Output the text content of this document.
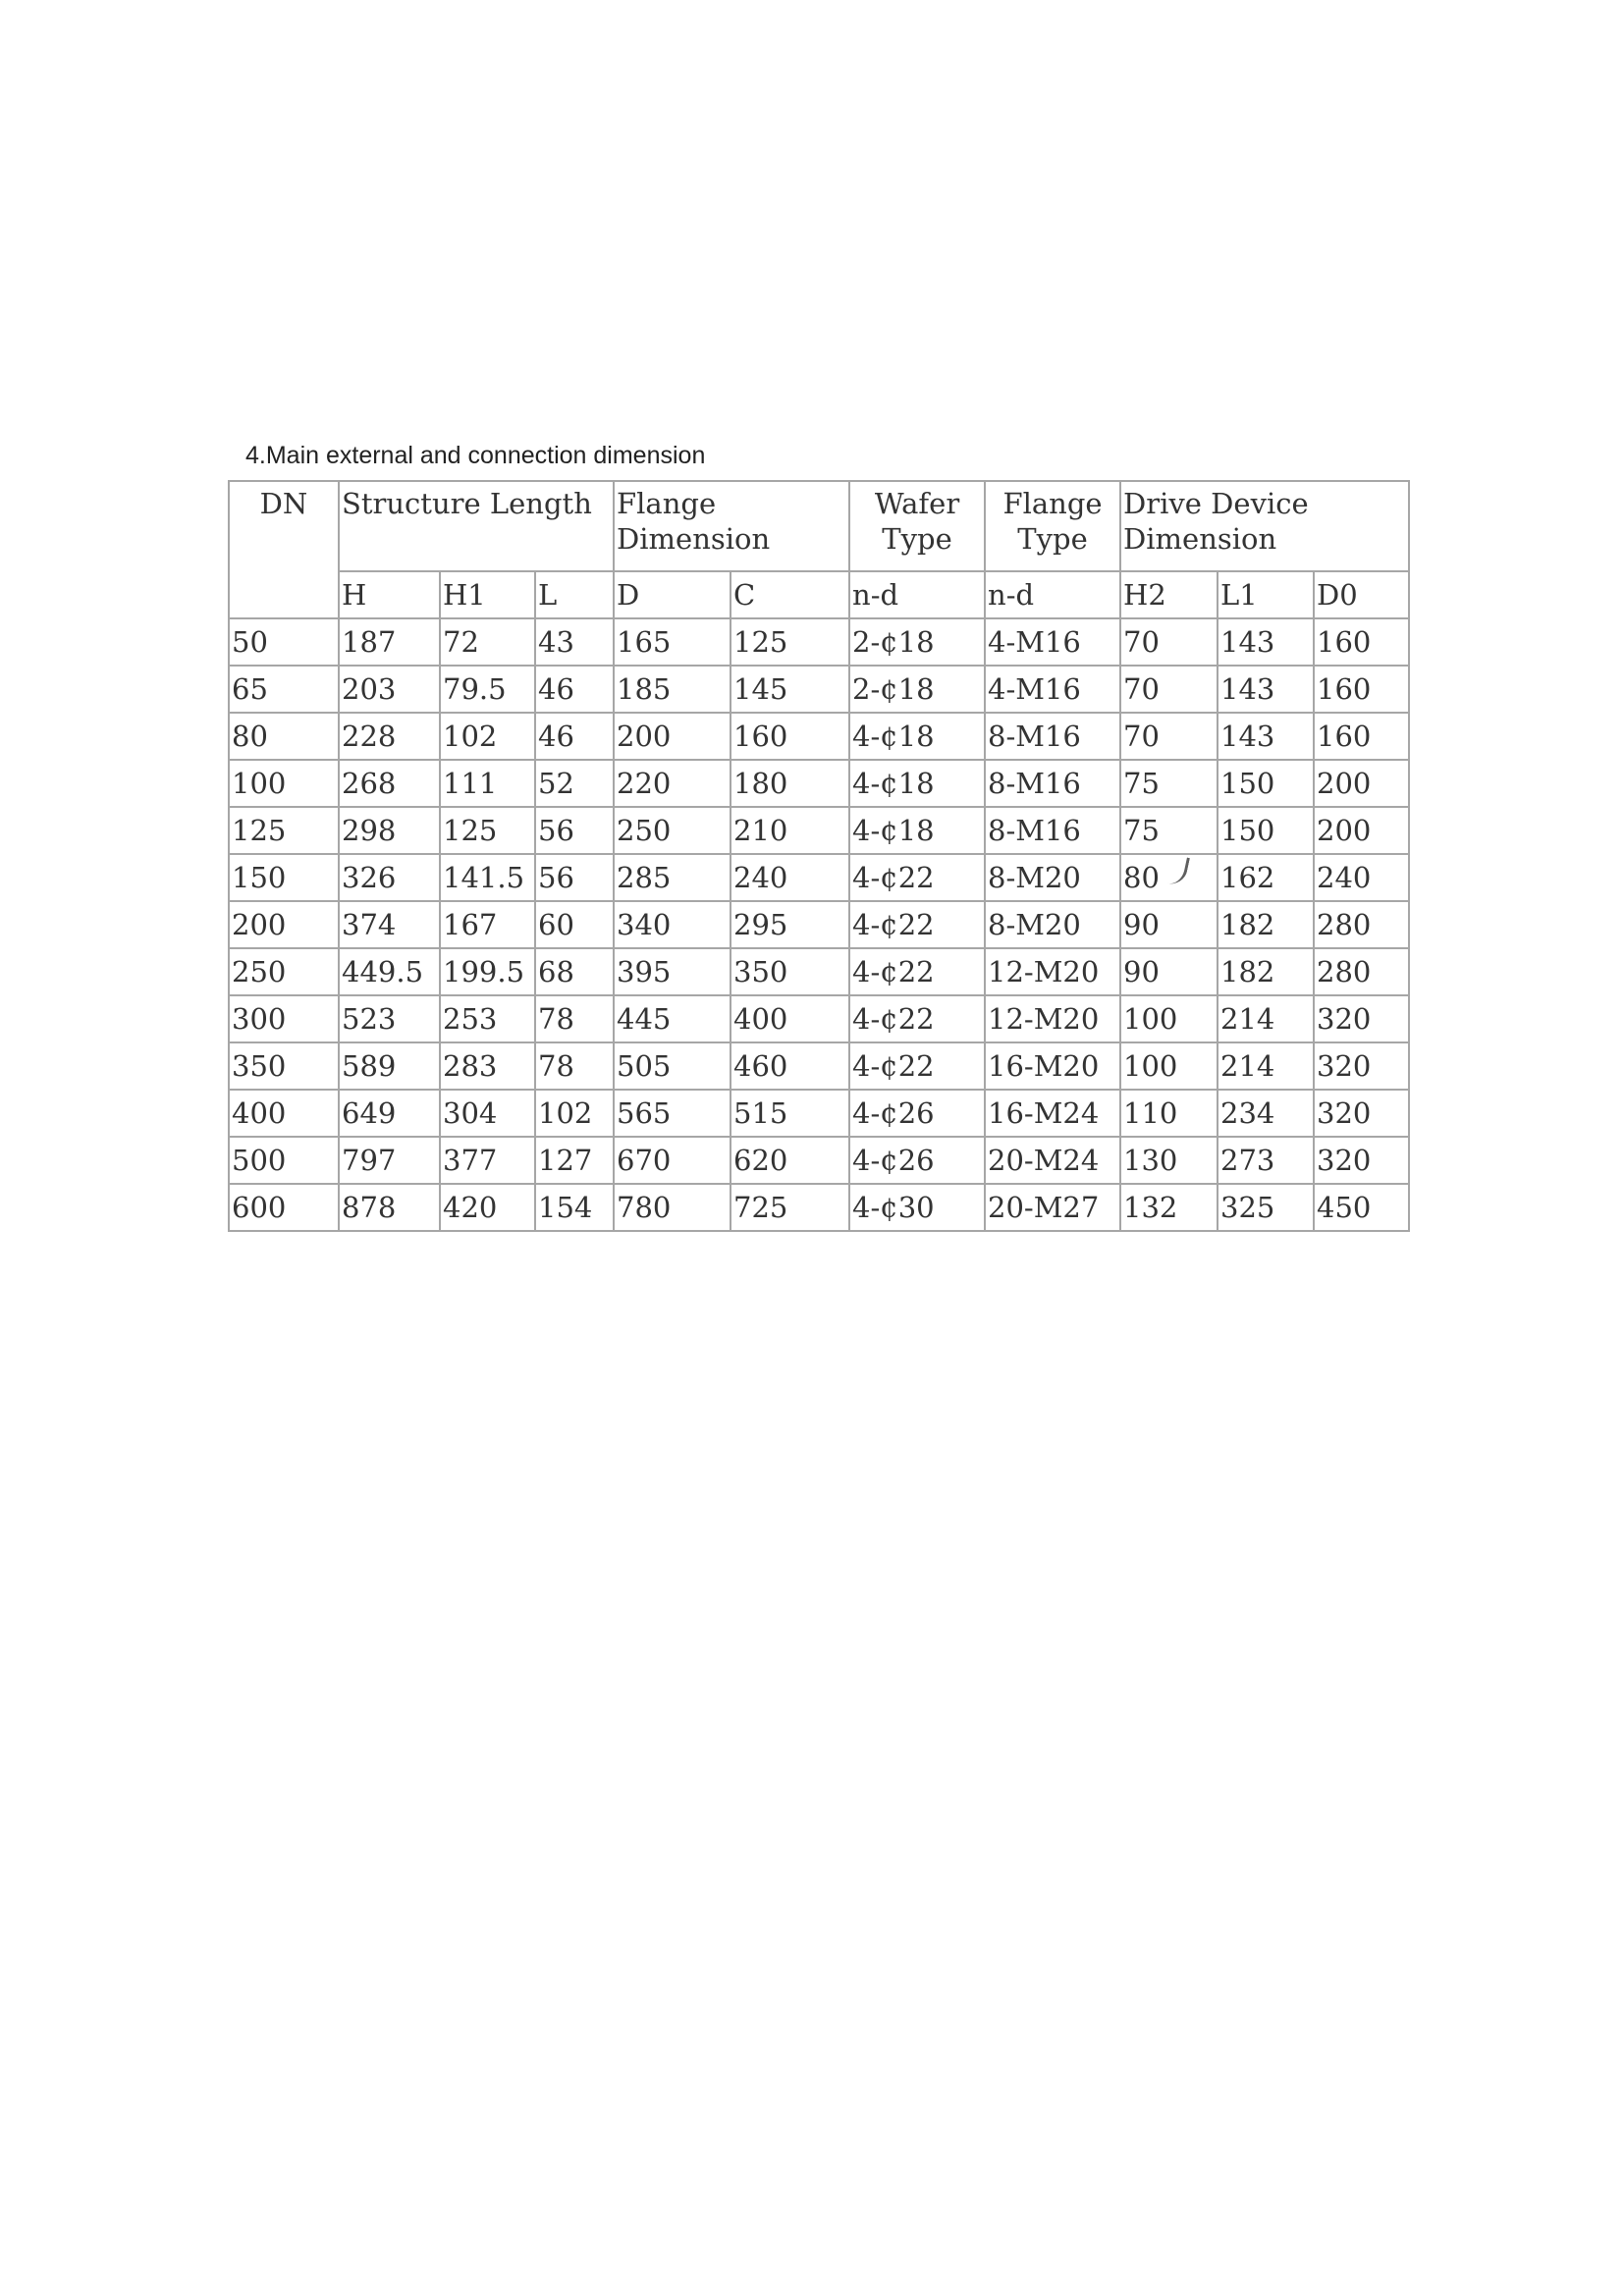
4.Main external and connection dimension
DN	Structure Length			Flange Dimension		Wafer Type	Flange Type	Drive Device Dimension		
	H	H1	L	D	C	n-d	n-d	H2	L1	D0
50	187	72	43	165	125	2-¢18	4-M16	70	143	160
65	203	79.5	46	185	145	2-¢18	4-M16	70	143	160
80	228	102	46	200	160	4-¢18	8-M16	70	143	160
100	268	111	52	220	180	4-¢18	8-M16	75	150	200
125	298	125	56	250	210	4-¢18	8-M16	75	150	200
150	326	141.5	56	285	240	4-¢22	8-M20	80	162	240
200	374	167	60	340	295	4-¢22	8-M20	90	182	280
250	449.5	199.5	68	395	350	4-¢22	12-M20	90	182	280
300	523	253	78	445	400	4-¢22	12-M20	100	214	320
350	589	283	78	505	460	4-¢22	16-M20	100	214	320
400	649	304	102	565	515	4-¢26	16-M24	110	234	320
500	797	377	127	670	620	4-¢26	20-M24	130	273	320
600	878	420	154	780	725	4-¢30	20-M27	132	325	450
